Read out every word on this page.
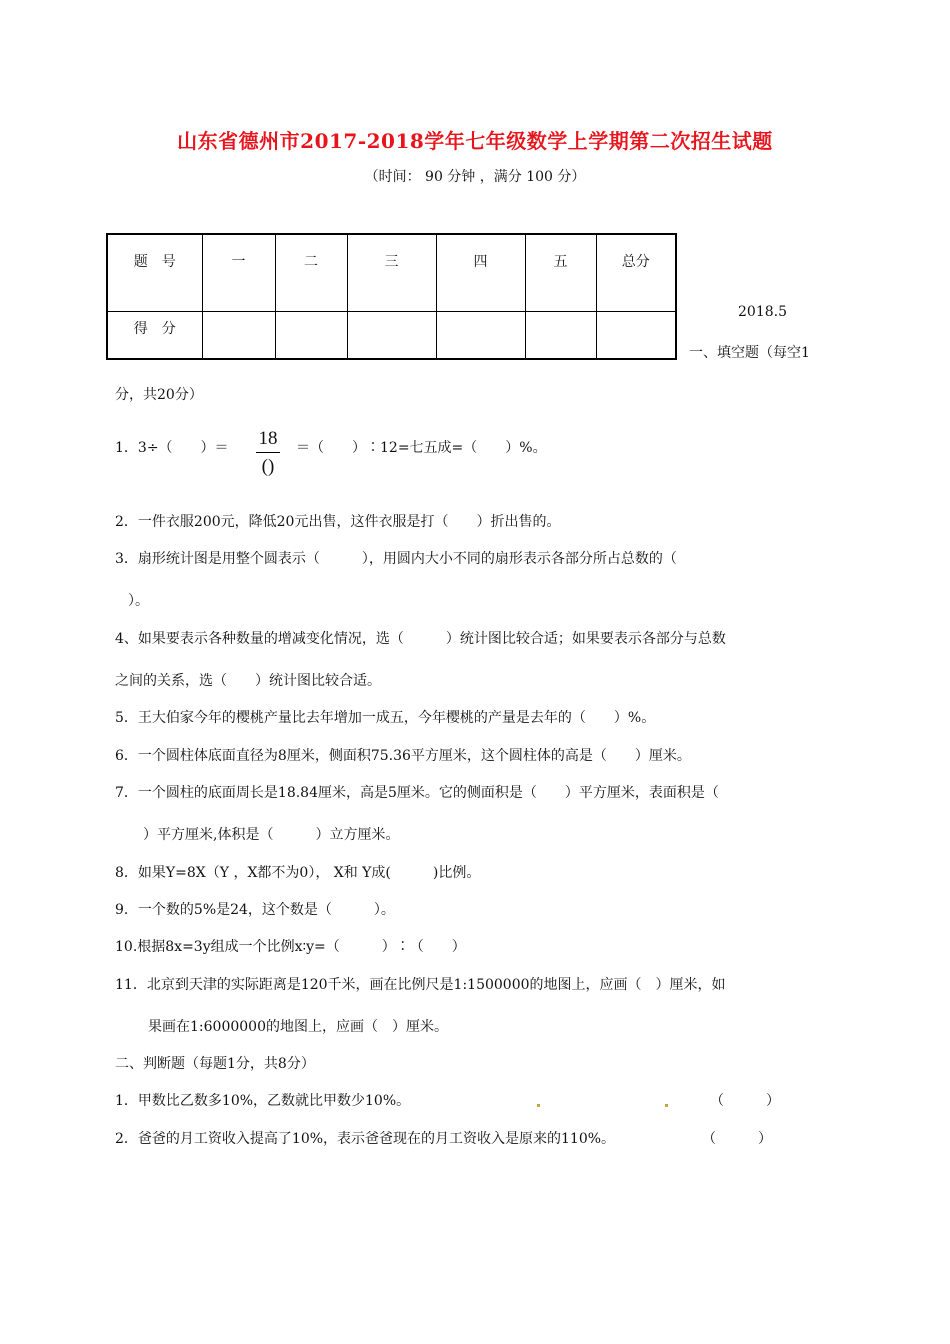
山东省德州市2017-2018学年七年级数学上学期第二次招生试题
（时间： 90 分钟 ，满分 100 分）
题　号	一	二	三	四	五	总分
得　分						
2018.5
一、填空题（每空1
分，共20分）
1．3÷（　　）＝ 18
()
＝（　　）∶12=七五成=（　　）%。
2．一件衣服200元，降低20元出售，这件衣服是打（　　）折出售的。
3．扇形统计图是用整个圆表示（　　　），用圆内大小不同的扇形表示各部分所占总数的（
）。
4、如果要表示各种数量的增减变化情况，选（　　　）统计图比较合适；如果要表示各部分与总数
之间的关系，选（　　）统计图比较合适。
5．王大伯家今年的樱桃产量比去年增加一成五，今年樱桃的产量是去年的（　　）%。
6．一个圆柱体底面直径为8厘米，侧面积75.36平方厘米，这个圆柱体的高是（　　）厘米。
7．一个圆柱的底面周长是18.84厘米，高是5厘米。它的侧面积是（　　）平方厘米，表面积是（
）平方厘米,体积是（　　　）立方厘米。
8．如果Y=8X（Y ，X都不为0）， X和 Y成(　　　)比例。
9．一个数的5%是24，这个数是（　　　）。
10.根据8x=3y组成一个比例x∶y=（　　　）∶（　　）
11．北京到天津的实际距离是120千米，画在比例尺是1:1500000的地图上，应画（　）厘米，如
果画在1:6000000的地图上，应画（　）厘米。
二、判断题（每题1分，共8分）
1．甲数比乙数多10%，乙数就比甲数少10%。	（　　　）
2．爸爸的月工资收入提高了10%，表示爸爸现在的月工资收入是原来的110%。	（　　　）
